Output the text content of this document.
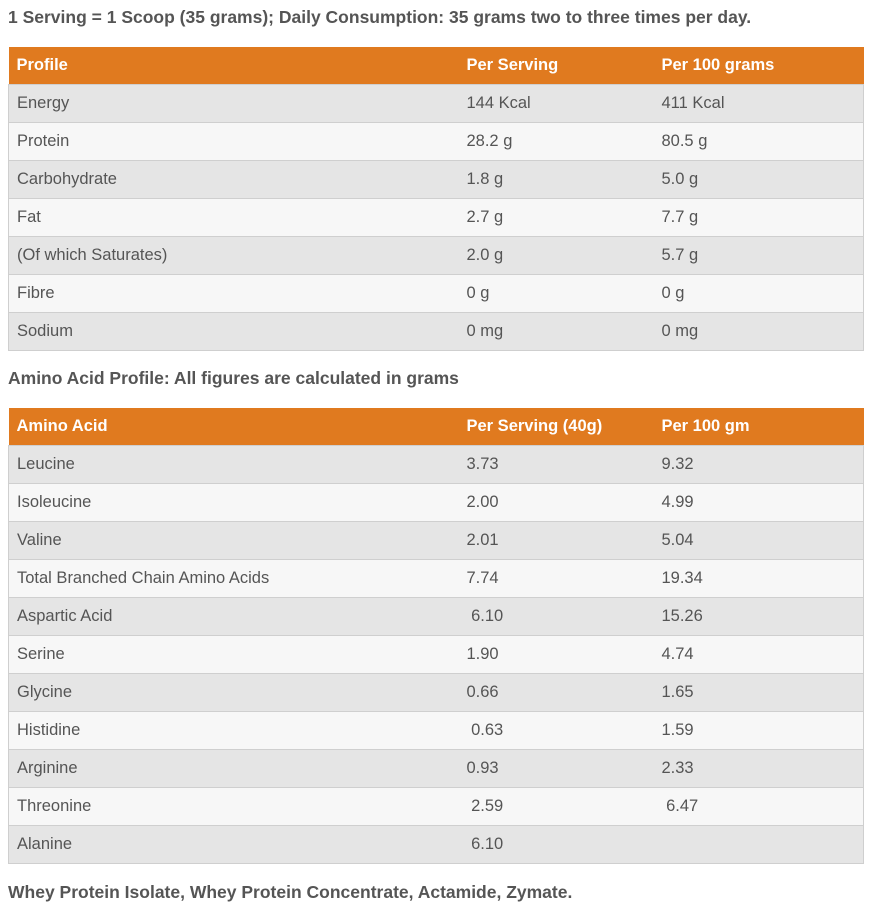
1 Serving = 1 Scoop (35 grams); Daily Consumption: 35 grams two to three times per day.
Profile	Per Serving	Per 100 grams
Energy	144 Kcal	411 Kcal
Protein	28.2 g	80.5 g
Carbohydrate	1.8 g	5.0 g
Fat	2.7 g	7.7 g
(Of which Saturates)	2.0 g	5.7 g
Fibre	0 g	0 g
Sodium	0 mg	0 mg
Amino Acid Profile: All figures are calculated in grams
Amino Acid	Per Serving (40g)	Per 100 gm
Leucine	3.73	9.32
Isoleucine	2.00	4.99
Valine	2.01	5.04
Total Branched Chain Amino Acids	7.74	19.34
Aspartic Acid	6.10	15.26
Serine	1.90	4.74
Glycine	0.66	1.65
Histidine	0.63	1.59
Arginine	0.93	2.33
Threonine	2.59	6.47
Alanine	6.10	
Whey Protein Isolate, Whey Protein Concentrate, Actamide, Zymate.
